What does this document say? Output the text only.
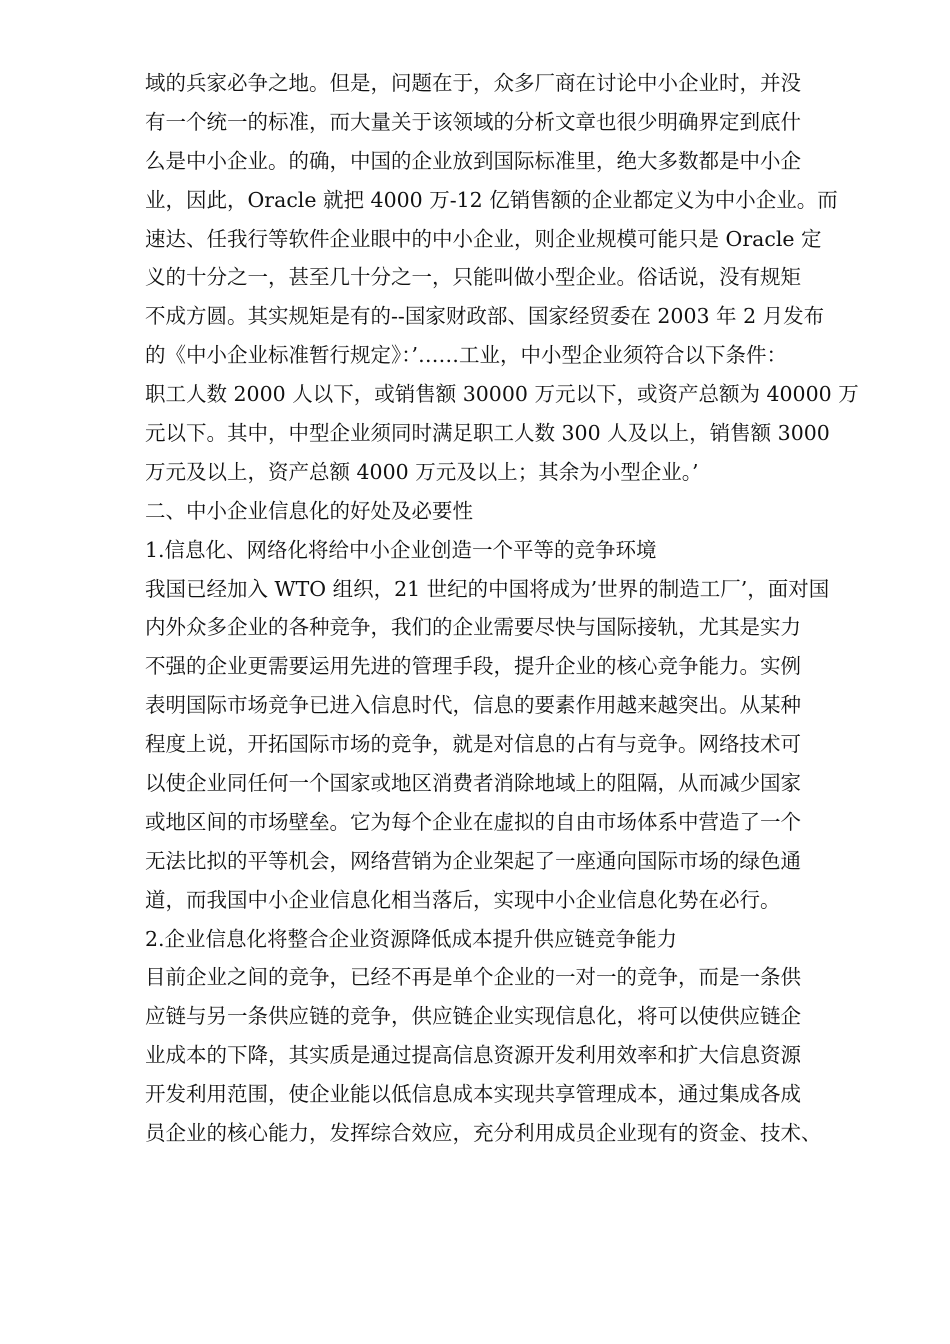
域的兵家必争之地。但是，问题在于，众多厂商在讨论中小企业时，并没
有一个统一的标准，而大量关于该领域的分析文章也很少明确界定到底什
么是中小企业。的确，中国的企业放到国际标准里，绝大多数都是中小企
业，因此，Oracle 就把 4000 万-12 亿销售额的企业都定义为中小企业。而
速达、任我行等软件企业眼中的中小企业，则企业规模可能只是 Oracle 定
义的十分之一，甚至几十分之一，只能叫做小型企业。俗话说，没有规矩
不成方圆。其实规矩是有的--国家财政部、国家经贸委在 2003 年 2 月发布
的《中小企业标准暂行规定》：’……工业，中小型企业须符合以下条件：
职工人数 2000 人以下，或销售额 30000 万元以下，或资产总额为 40000 万
元以下。其中，中型企业须同时满足职工人数 300 人及以上，销售额 3000
万元及以上，资产总额 4000 万元及以上；其余为小型企业。’
二、中小企业信息化的好处及必要性
1.信息化、网络化将给中小企业创造一个平等的竞争环境
我国已经加入 WTO 组织，21 世纪的中国将成为’世界的制造工厂’，面对国
内外众多企业的各种竞争，我们的企业需要尽快与国际接轨，尤其是实力
不强的企业更需要运用先进的管理手段，提升企业的核心竞争能力。实例
表明国际市场竞争已进入信息时代，信息的要素作用越来越突出。从某种
程度上说，开拓国际市场的竞争，就是对信息的占有与竞争。网络技术可
以使企业同任何一个国家或地区消费者消除地域上的阻隔，从而减少国家
或地区间的市场壁垒。它为每个企业在虚拟的自由市场体系中营造了一个
无法比拟的平等机会，网络营销为企业架起了一座通向国际市场的绿色通
道，而我国中小企业信息化相当落后，实现中小企业信息化势在必行。
2.企业信息化将整合企业资源降低成本提升供应链竞争能力
目前企业之间的竞争，已经不再是单个企业的一对一的竞争，而是一条供
应链与另一条供应链的竞争，供应链企业实现信息化，将可以使供应链企
业成本的下降，其实质是通过提高信息资源开发利用效率和扩大信息资源
开发利用范围，使企业能以低信息成本实现共享管理成本，通过集成各成
员企业的核心能力，发挥综合效应，充分利用成员企业现有的资金、技术、
